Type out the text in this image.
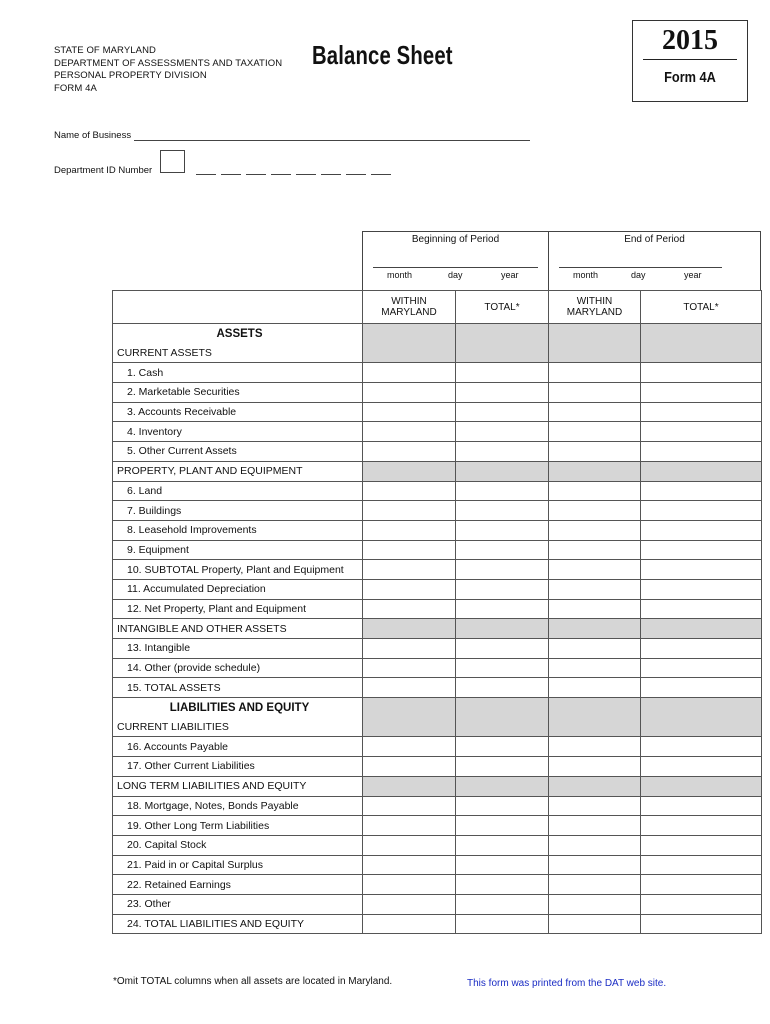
STATE OF MARYLAND
DEPARTMENT OF ASSESSMENTS AND TAXATION
PERSONAL PROPERTY DIVISION
FORM 4A
Balance Sheet	2015
Form 4A
Name of Business
Department ID Number
Beginning of Period	End of Period
month	day	year	month	day	year
	WITHIN MARYLAND	TOTAL*	WITHIN MARYLAND	TOTAL*
ASSETS				
CURRENT ASSETS				
1. Cash				
2. Marketable Securities				
3. Accounts Receivable				
4. Inventory				
5. Other Current Assets				
PROPERTY, PLANT AND EQUIPMENT				
6. Land				
7. Buildings				
8. Leasehold Improvements				
9. Equipment				
10. SUBTOTAL Property, Plant and Equipment				
11. Accumulated Depreciation				
12. Net Property, Plant and Equipment				
INTANGIBLE AND OTHER ASSETS				
13. Intangible				
14. Other (provide schedule)				
15. TOTAL ASSETS				
LIABILITIES AND EQUITY				
CURRENT LIABILITIES				
16. Accounts Payable				
17. Other Current Liabilities				
LONG TERM LIABILITIES AND EQUITY				
18. Mortgage, Notes, Bonds Payable				
19. Other Long Term Liabilities				
20. Capital Stock				
21. Paid in or Capital Surplus				
22. Retained Earnings				
23. Other				
24. TOTAL LIABILITIES AND EQUITY				
*Omit TOTAL columns when all assets are located in Maryland.	This form was printed from the DAT web site.
